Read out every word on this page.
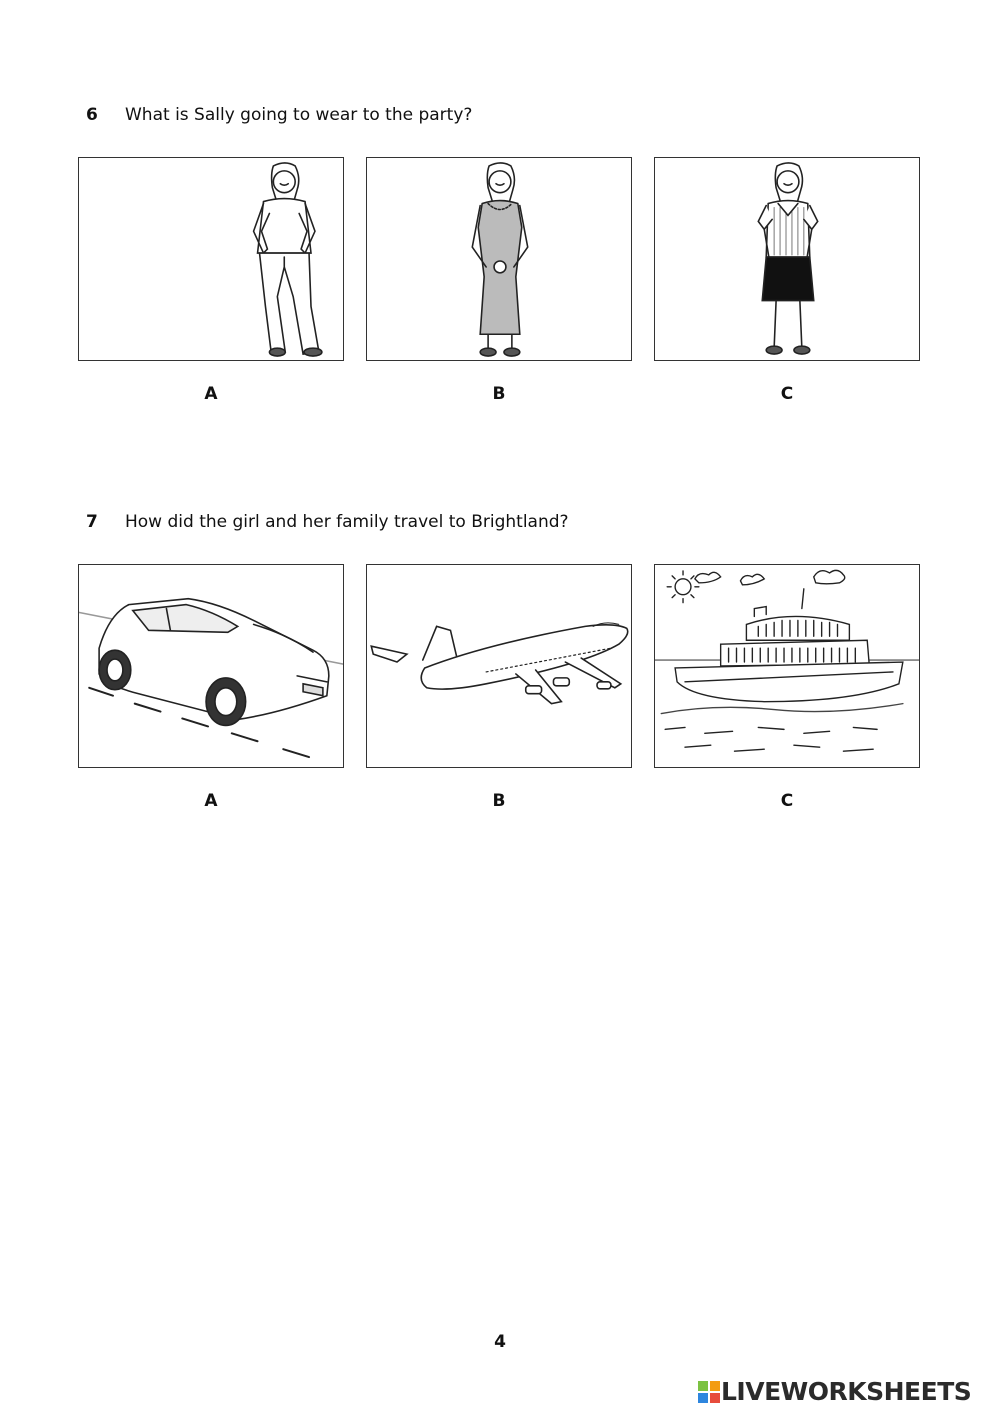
6 What is Sally going to wear to the party?
A	B	C
7 How did the girl and her family travel to Brightland?
A	B	C
4
LIVEWORKSHEETS
